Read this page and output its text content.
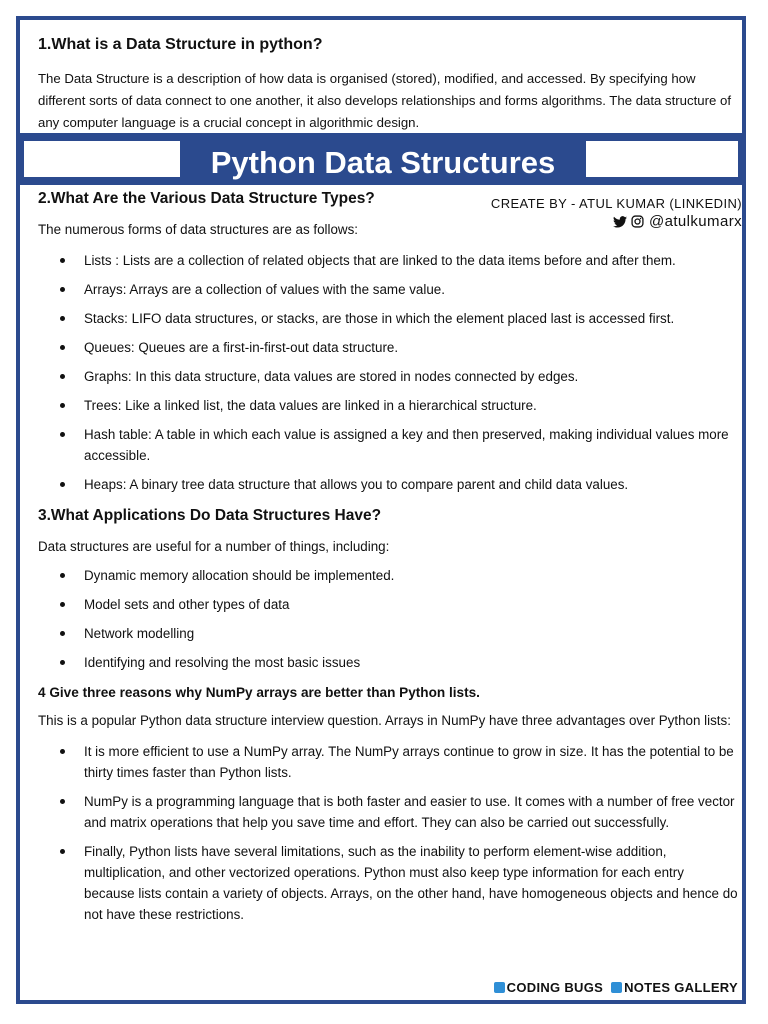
1.What is a Data Structure in python?

The Data Structure is a description of how data is organised (stored), modified, and accessed. By specifying how different sorts of data connect to one another, it also develops relationships and forms algorithms. The data structure of any computer language is a crucial concept in algorithmic design.

Python Data Structures
CREATE BY - ATUL KUMAR (LINKEDIN)
@atulkumarx
2.What Are the Various Data Structure Types?

The numerous forms of data structures are as follows:

Lists : Lists are a collection of related objects that are linked to the data items before and after them.
Arrays: Arrays are a collection of values with the same value.
Stacks: LIFO data structures, or stacks, are those in which the element placed last is accessed first.
Queues: Queues are a first-in-first-out data structure.
Graphs: In this data structure, data values are stored in nodes connected by edges.
Trees: Like a linked list, the data values are linked in a hierarchical structure.
Hash table: A table in which each value is assigned a key and then preserved, making individual values more accessible.
Heaps: A binary tree data structure that allows you to compare parent and child data values.
3.What Applications Do Data Structures Have?

Data structures are useful for a number of things, including:

Dynamic memory allocation should be implemented.
Model sets and other types of data
Network modelling
Identifying and resolving the most basic issues
4 Give three reasons why NumPy arrays are better than Python lists.

This is a popular Python data structure interview question. Arrays in NumPy have three advantages over Python lists:

It is more efficient to use a NumPy array. The NumPy arrays continue to grow in size. It has the potential to be thirty times faster than Python lists.
NumPy is a programming language that is both faster and easier to use. It comes with a number of free vector and matrix operations that help you save time and effort. They can also be carried out successfully.
Finally, Python lists have several limitations, such as the inability to perform element-wise addition, multiplication, and other vectorized operations. Python must also keep type information for each entry because lists contain a variety of objects. Arrays, on the other hand, have homogeneous objects and hence do not have these restrictions.
CODING BUGS NOTES GALLERY
